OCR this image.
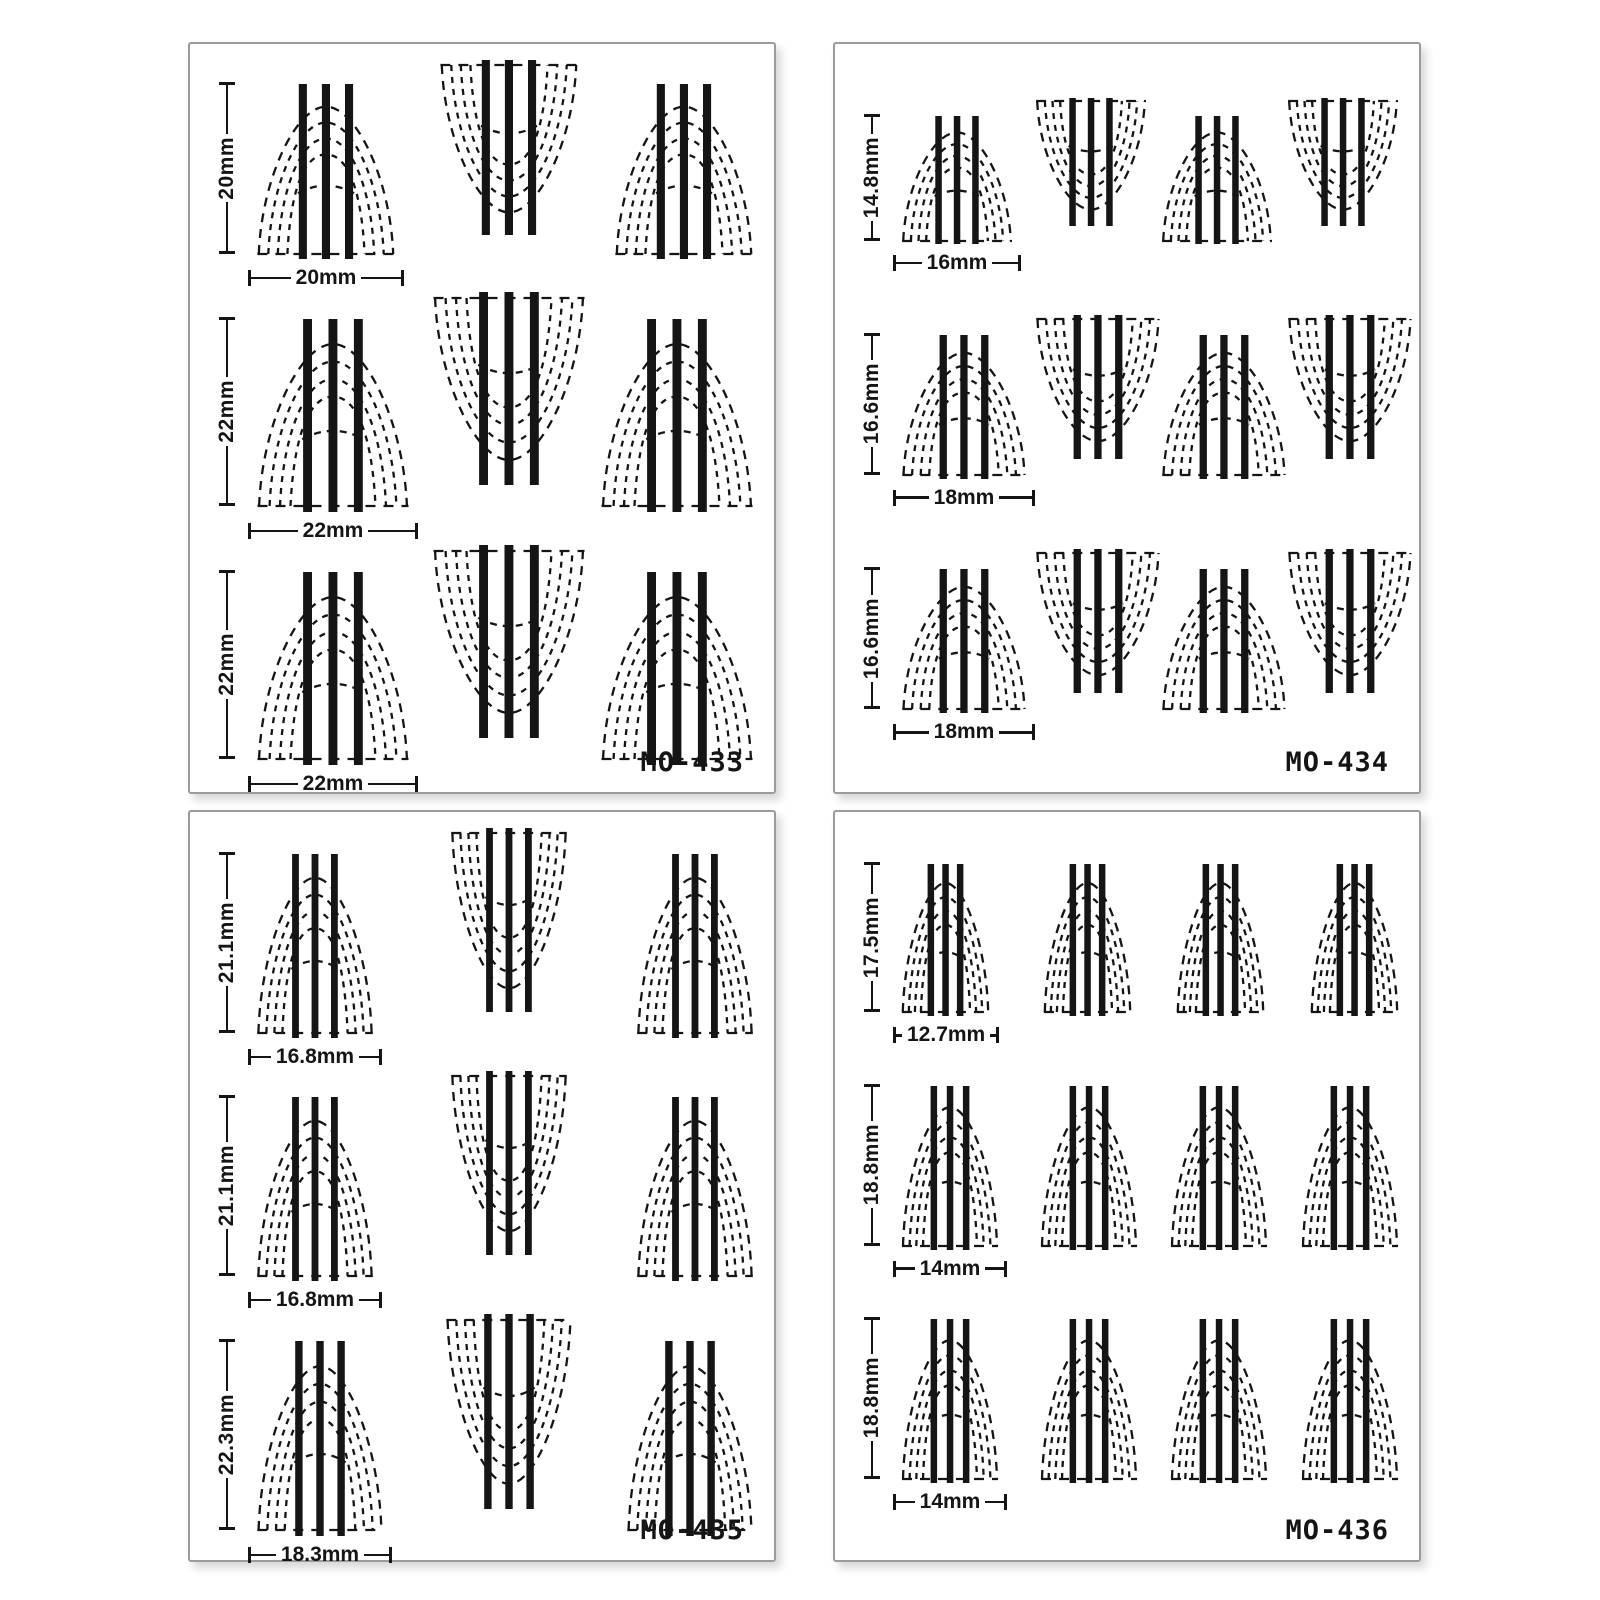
20mm
20mm
22mm
22mm
22mm
22mm
MO-433
14.8mm
16mm
16.6mm
18mm
16.6mm
18mm
MO-434
21.1mm
16.8mm
21.1mm
16.8mm
22.3mm
18.3mm
MO-435
17.5mm
12.7mm
18.8mm
14mm
18.8mm
14mm
MO-436
